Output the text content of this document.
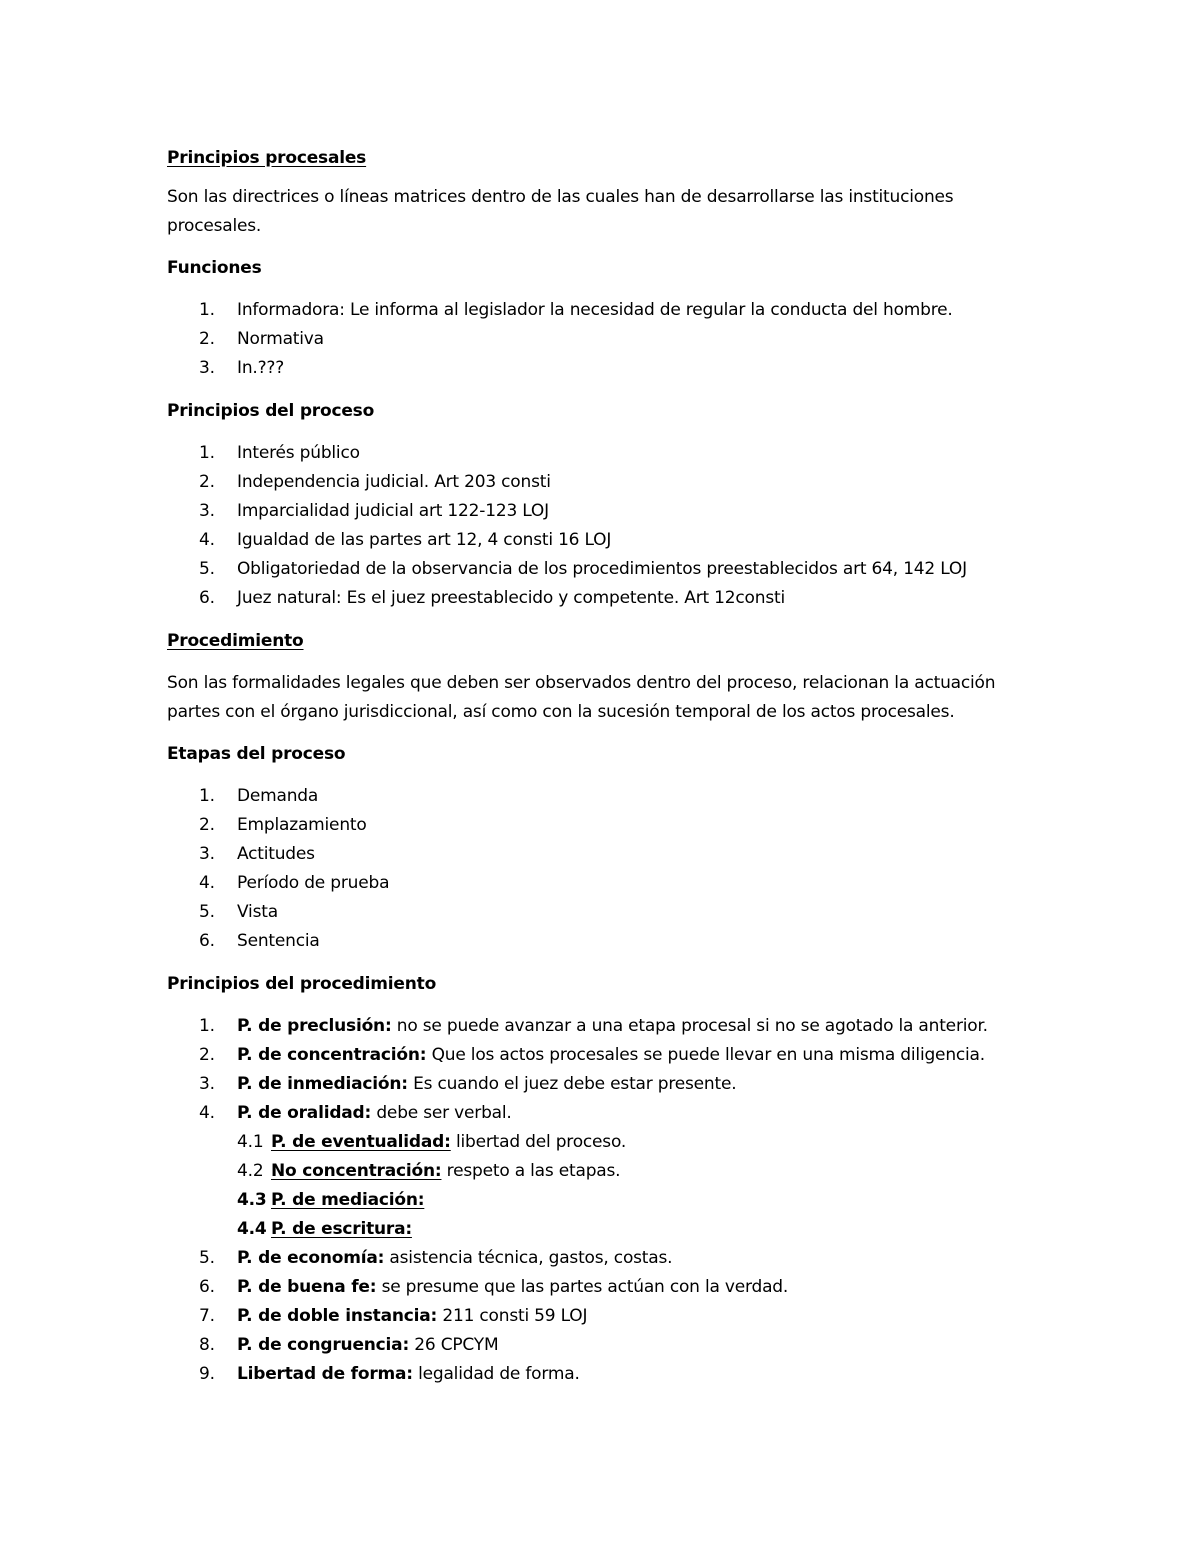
Principios procesales

Son las directrices o líneas matrices dentro de las cuales han de desarrollarse las instituciones procesales.

Funciones

1.	Informadora: Le informa al legislador la necesidad de regular la conducta del hombre.
2.	Normativa
3.	In.???

Principios del proceso

1.	Interés público
2.	Independencia judicial. Art 203 consti
3.	Imparcialidad judicial art 122-123 LOJ
4.	Igualdad de las partes art 12, 4 consti 16 LOJ
5.	Obligatoriedad de la observancia de los procedimientos preestablecidos art 64, 142 LOJ
6.	Juez natural: Es el juez preestablecido y competente. Art 12consti

Procedimiento

Son las formalidades legales que deben ser observados dentro del proceso, relacionan la actuación partes con el órgano jurisdiccional, así como con la sucesión temporal de los actos procesales.

Etapas del proceso

1.	Demanda
2.	Emplazamiento
3.	Actitudes
4.	Período de prueba
5.	Vista
6.	Sentencia

Principios del procedimiento

1.	P. de preclusión: no se puede avanzar a una etapa procesal si no se agotado la anterior.
2.	P. de concentración: Que los actos procesales se puede llevar en una misma diligencia.
3.	P. de inmediación: Es cuando el juez debe estar presente.
4.	P. de oralidad: debe ser verbal.
4.1 P. de eventualidad: libertad del proceso.
4.2 No concentración: respeto a las etapas.
4.3 P. de mediación:
4.4 P. de escritura:
5.	P. de economía: asistencia técnica, gastos, costas.
6.	P. de buena fe: se presume que las partes actúan con la verdad.
7.	P. de doble instancia: 211 consti 59 LOJ
8.	P. de congruencia: 26 CPCYM
9.	Libertad de forma: legalidad de forma.
